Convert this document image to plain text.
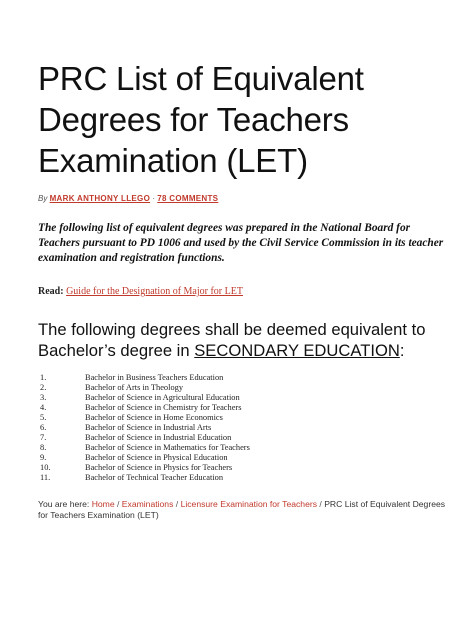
PRC List of Equivalent Degrees for Teachers Examination (LET)
By MARK ANTHONY LLEGO · 78 COMMENTS

The following list of equivalent degrees was prepared in the National Board for Teachers pursuant to PD 1006 and used by the Civil Service Commission in its teacher examination and registration functions.

Read: Guide for the Designation of Major for LET

The following degrees shall be deemed equivalent to Bachelor’s degree in SECONDARY EDUCATION:

1.	Bachelor in Business Teachers Education
2.	Bachelor of Arts in Theology
3.	Bachelor of Science in Agricultural Education
4.	Bachelor of Science in Chemistry for Teachers
5.	Bachelor of Science in Home Economics
6.	Bachelor of Science in Industrial Arts
7.	Bachelor of Science in Industrial Education
8.	Bachelor of Science in Mathematics for Teachers
9.	Bachelor of Science in Physical Education
10.	Bachelor of Science in Physics for Teachers
11.	Bachelor of Technical Teacher Education
You are here: Home / Examinations / Licensure Examination for Teachers / PRC List of Equivalent Degrees for Teachers Examination (LET)
